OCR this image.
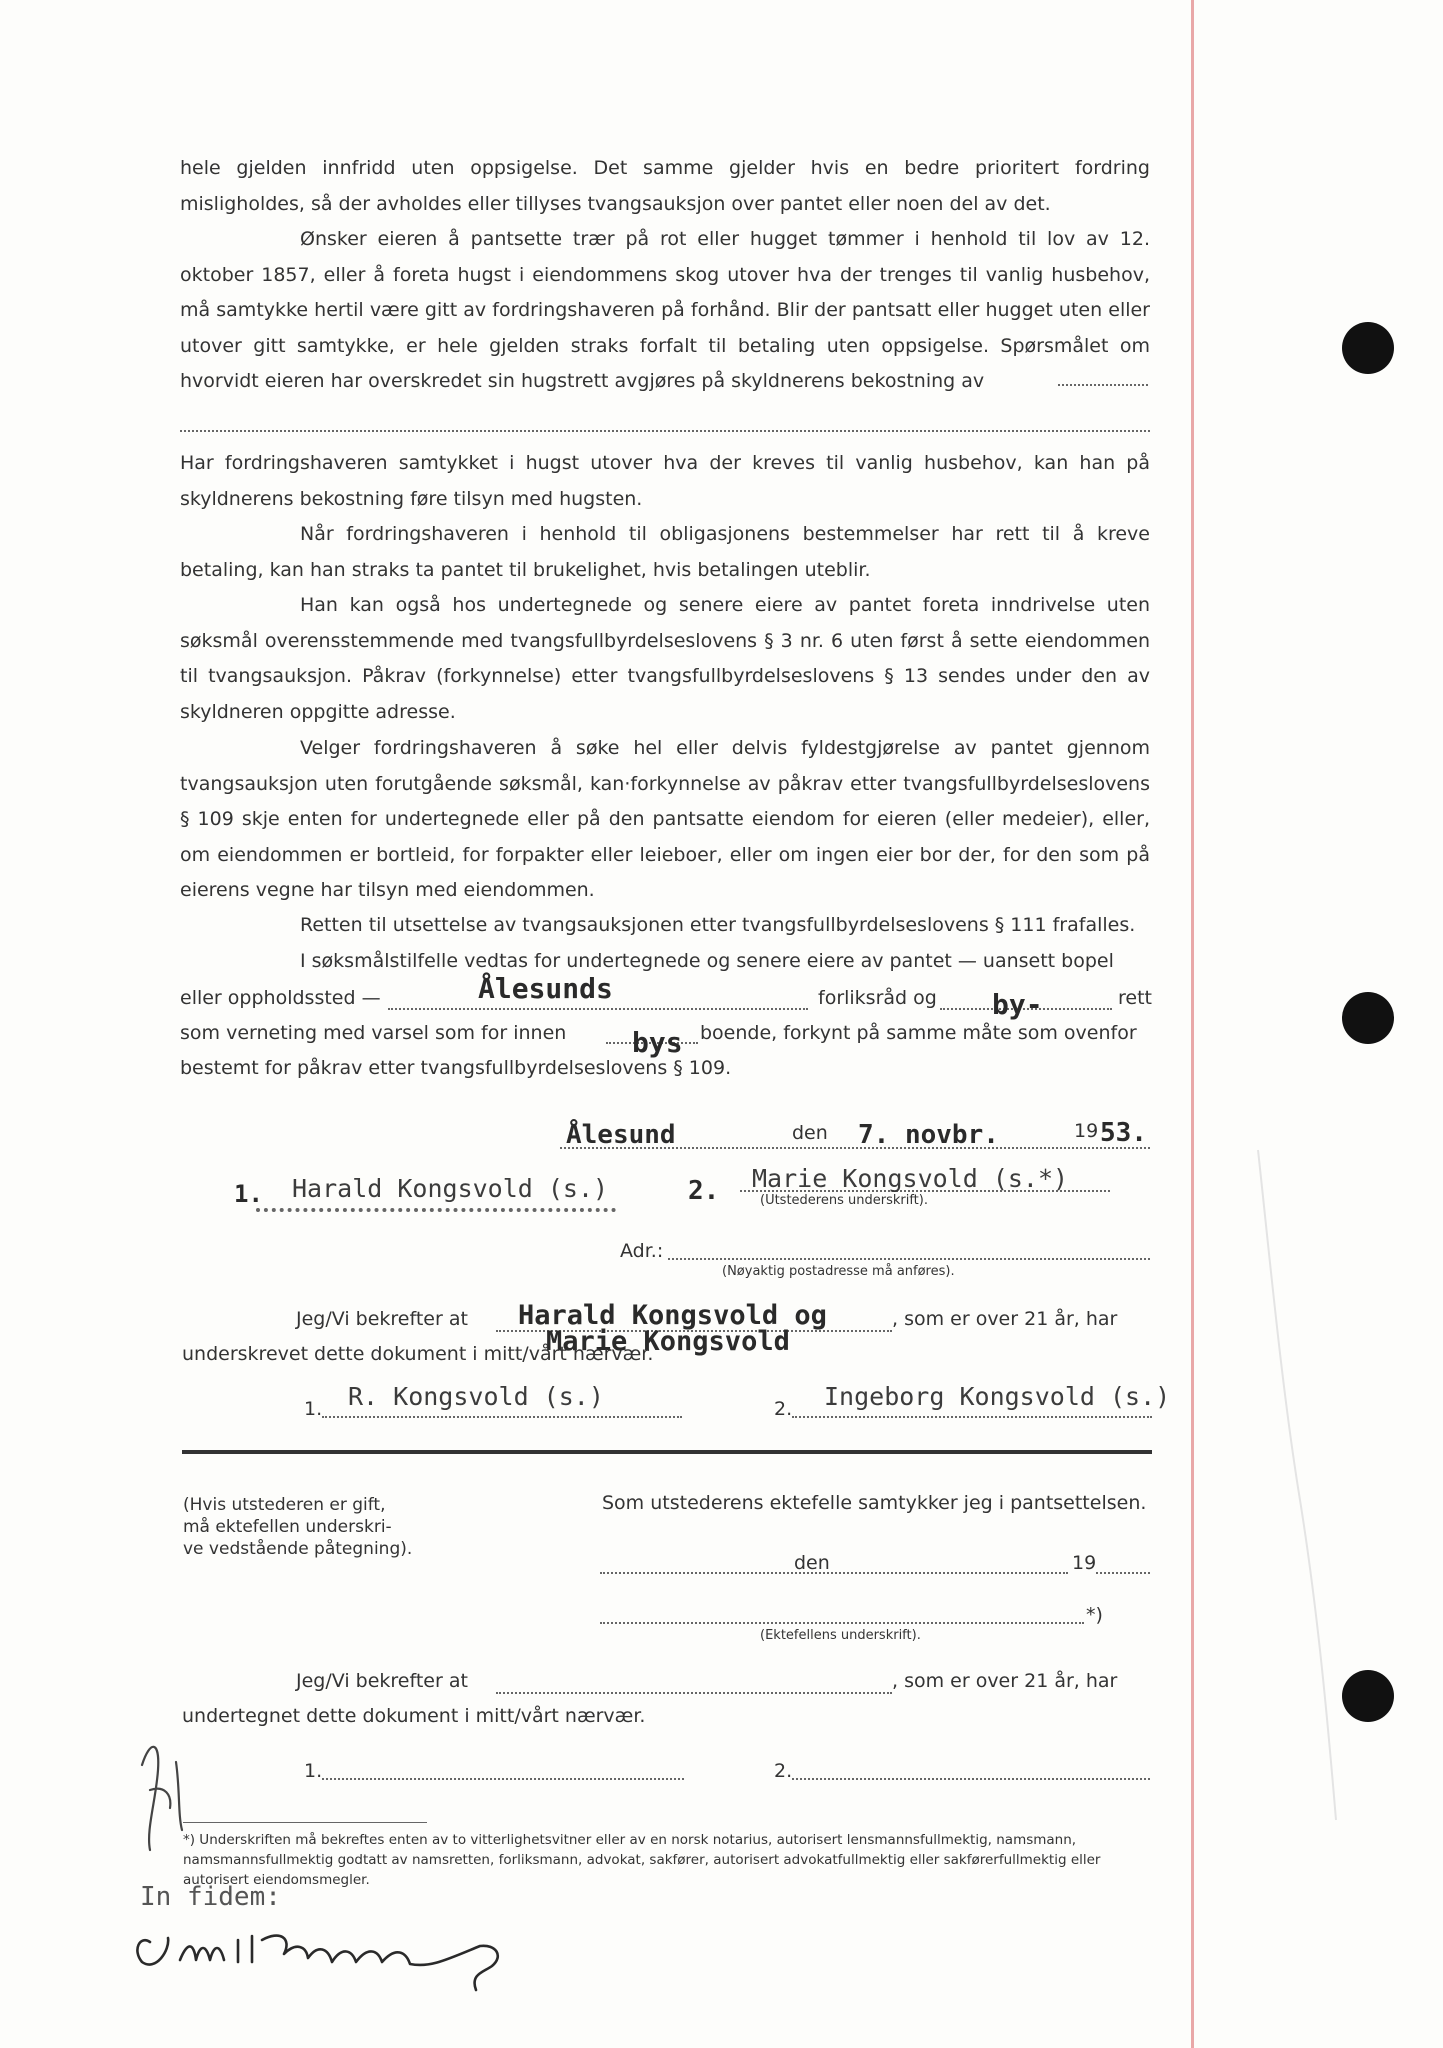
hele gjelden innfridd uten oppsigelse. Det samme gjelder hvis en bedre prioritert fordring misligholdes, så der avholdes eller tillyses tvangsauksjon over pantet eller noen del av det.

Ønsker eieren å pantsette trær på rot eller hugget tømmer i henhold til lov av 12. oktober 1857, eller å foreta hugst i eiendommens skog utover hva der trenges til vanlig husbehov, må samtykke hertil være gitt av fordringshaveren på forhånd. Blir der pantsatt eller hugget uten eller utover gitt samtykke, er hele gjelden straks forfalt til betaling uten oppsigelse. Spørsmålet om hvorvidt eieren har overskredet sin hugstrett avgjøres på skyldnerens bekostning av

Har fordringshaveren samtykket i hugst utover hva der kreves til vanlig husbehov, kan han på skyldnerens bekostning føre tilsyn med hugsten.

Når fordringshaveren i henhold til obligasjonens bestemmelser har rett til å kreve betaling, kan han straks ta pantet til brukelighet, hvis betalingen uteblir.

Han kan også hos undertegnede og senere eiere av pantet foreta inndrivelse uten søksmål overensstemmende med tvangsfullbyrdelseslovens § 3 nr. 6 uten først å sette eiendommen til tvangsauksjon. Påkrav (forkynnelse) etter tvangsfullbyrdelseslovens § 13 sendes under den av skyldneren oppgitte adresse.

Velger fordringshaveren å søke hel eller delvis fyldestgjørelse av pantet gjennom tvangsauksjon uten forutgående søksmål, kan·forkynnelse av påkrav etter tvangsfullbyrdelseslovens § 109 skje enten for undertegnede eller på den pantsatte eiendom for eieren (eller medeier), eller, om eiendommen er bortleid, for forpakter eller leieboer, eller om ingen eier bor der, for den som på eierens vegne har tilsyn med eiendommen.

Retten til utsettelse av tvangsauksjonen etter tvangsfullbyrdelseslovens § 111 frafalles.

I søksmålstilfelle vedtas for undertegnede og senere eiere av pantet — uansett bopel

eller oppholdssted —	Ålesunds	forliksråd og by-	rett
som verneting med varsel som for innen bys boende, forkynt på samme måte som ovenfor
bestemt for påkrav etter tvangsfullbyrdelseslovens § 109.
Ålesund	den 7. novbr.	19 53.
1. Harald Kongsvold (s.)	2. Marie Kongsvold (s.*)
(Utstederens underskrift).
Adr.:
(Nøyaktig postadresse må anføres).
Jeg/Vi bekrefter at Harald Kongsvold og
Marie Kongsvold
, som er over 21 år, har
underskrevet dette dokument i mitt/vårt nærvær.
1. R. Kongsvold (s.)	2. Ingeborg Kongsvold (s.)
(Hvis utstederen er gift,
må ektefellen underskri-
ve vedstående påtegning).
Som utstederens ektefelle samtykker jeg i pantsettelsen.
den	19
*)
(Ektefellens underskrift).
Jeg/Vi bekrefter at	, som er over 21 år, har
undertegnet dette dokument i mitt/vårt nærvær.
1.	2.

*) Underskriften må bekreftes enten av to vitterlighetsvitner eller av en norsk notarius, autorisert lensmannsfullmektig, namsmann, namsmannsfullmektig godtatt av namsretten, forliksmann, advokat, sakfører, autorisert advokatfullmektig eller sakførerfullmektig eller autorisert eiendomsmegler.

In fidem:
